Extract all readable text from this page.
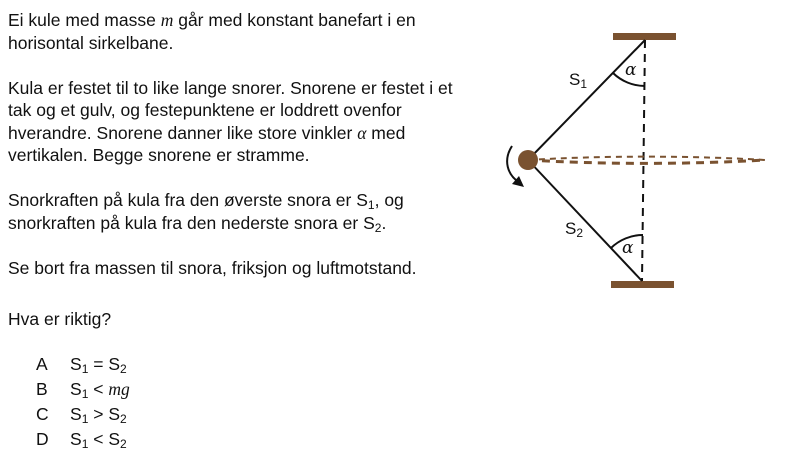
Ei kule med masse m går med konstant banefart i en
horisontal sirkelbane.

Kula er festet til to like lange snorer. Snorene er festet i et
tak og et gulv, og festepunktene er loddrett ovenfor
hverandre. Snorene danner like store vinkler α med
vertikalen. Begge snorene er stramme.

Snorkraften på kula fra den øverste snora er $S_1$, og
snorkraften på kula fra den nederste snora er $S_2$.

Se bort fra massen til snora, friksjon og luftmotstand.

Hva er riktig?
A $S_1 = S_2$
B $S_1$ < mg
C $S_1 > S_2$
D $S_1 < S_2$
S1
S2
α
α
